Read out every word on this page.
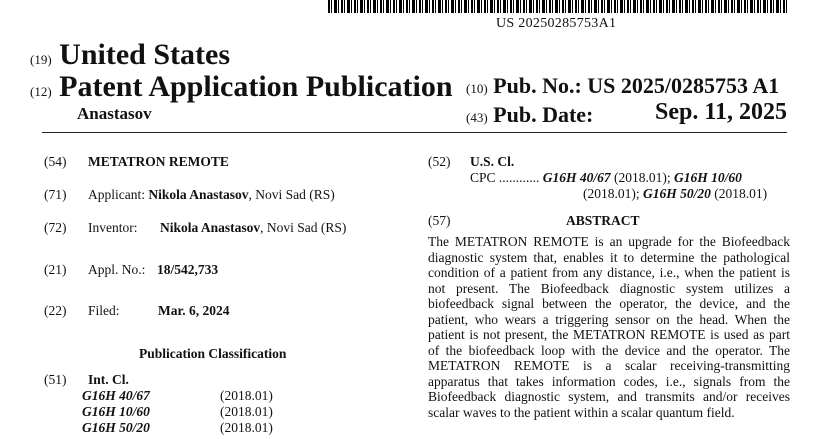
US 20250285753A1
(19) United States
(12) Patent Application Publication
Anastasov
(10) Pub. No.: US 2025/0285753 A1
(43) Pub. Date:	Sep. 11, 2025
(54) METATRON REMOTE
(71) Applicant: Nikola Anastasov, Novi Sad (RS)
(72) Inventor: Nikola Anastasov, Novi Sad (RS)
(21) Appl. No.: 18/542,733
(22) Filed:	Mar. 6, 2024
Publication Classification
(51) Int. Cl.
G16H 40/67	(2018.01)
G16H 10/60	(2018.01)
G16H 50/20	(2018.01)
(52) U.S. Cl.
CPC ............ G16H 40/67 (2018.01); G16H 10/60
(2018.01); G16H 50/20 (2018.01)
(57)	ABSTRACT
The METATRON REMOTE is an upgrade for the Biofeedback diagnostic system that, enables it to determine the pathological condition of a patient from any distance, i.e., when the patient is not present. The Biofeedback diagnostic system utilizes a biofeedback signal between the operator, the device, and the patient, who wears a triggering sensor on the head. When the patient is not present, the METATRON REMOTE is used as part of the biofeedback loop with the device and the operator. The METATRON REMOTE is a scalar receiving-transmitting apparatus that takes information codes, i.e., signals from the Biofeedback diagnostic system, and transmits and/or receives scalar waves to the patient within a scalar quantum field.
